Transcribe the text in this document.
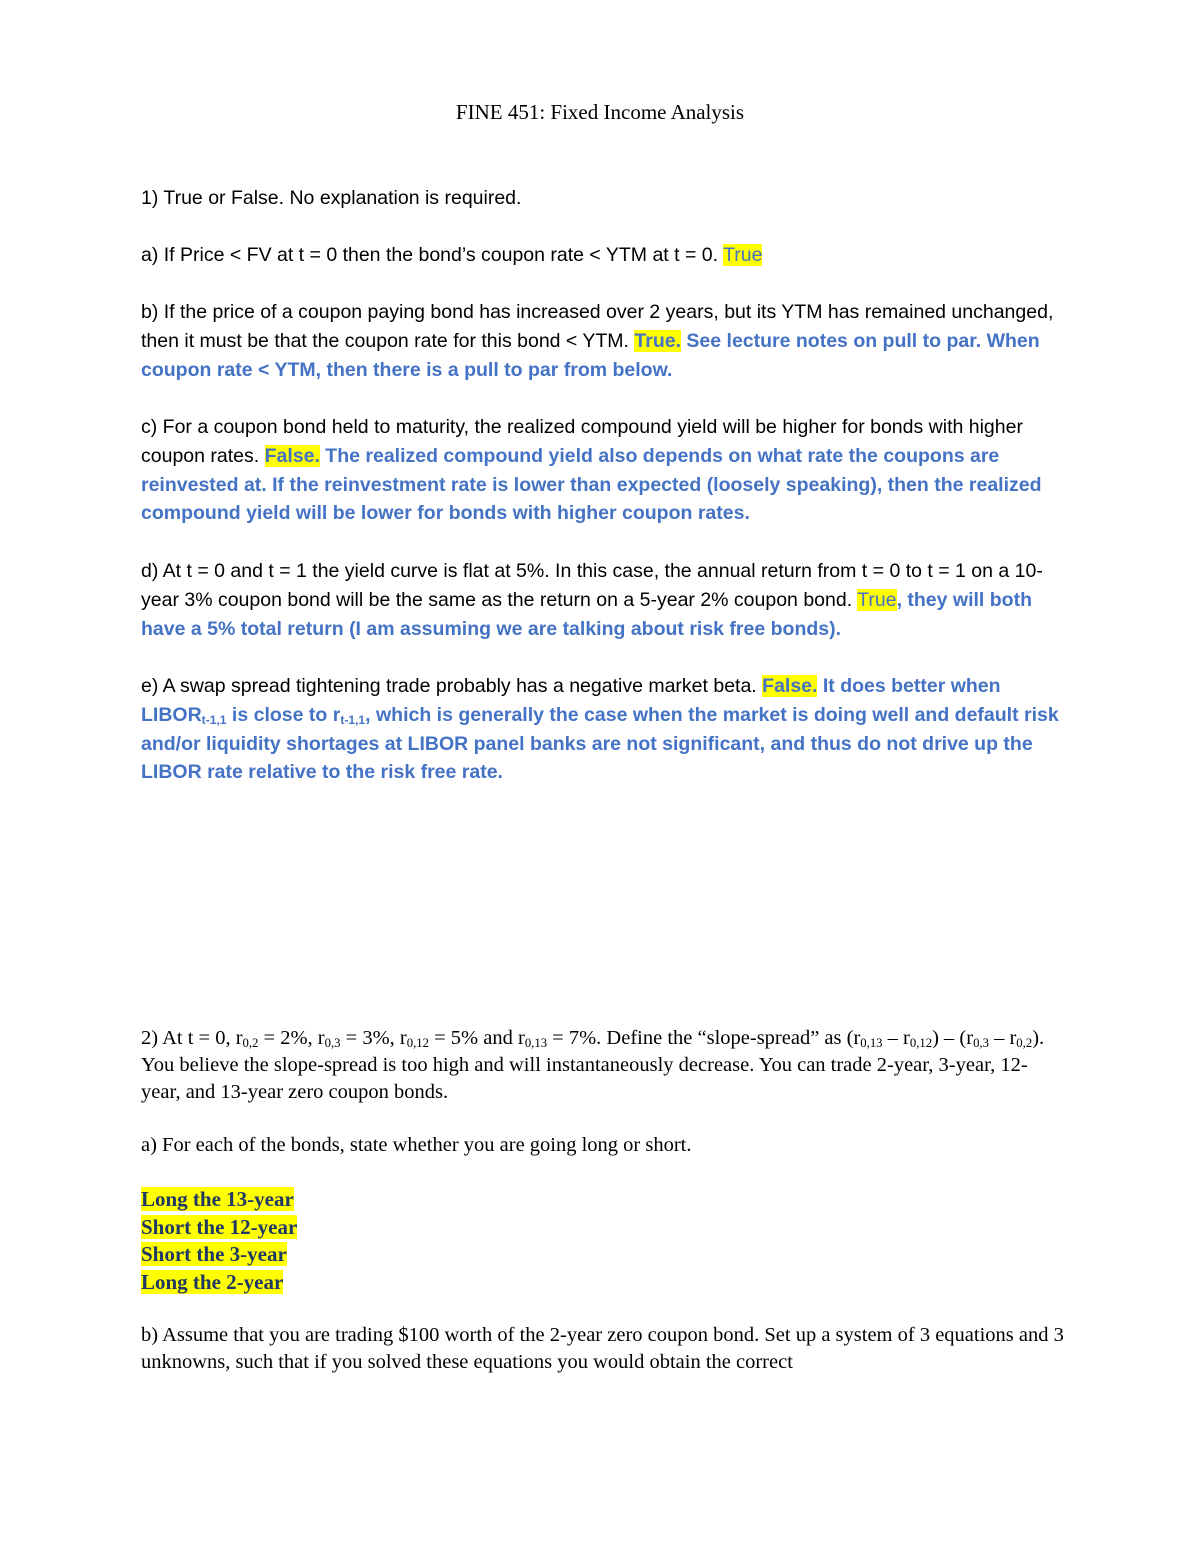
FINE 451: Fixed Income Analysis

1) True or False. No explanation is required.

a) If Price < FV at t = 0 then the bond’s coupon rate < YTM at t = 0. True

b) If the price of a coupon paying bond has increased over 2 years, but its YTM has remained unchanged, then it must be that the coupon rate for this bond < YTM. True. See lecture notes on pull to par. When coupon rate < YTM, then there is a pull to par from below.

c) For a coupon bond held to maturity, the realized compound yield will be higher for bonds with higher coupon rates. False. The realized compound yield also depends on what rate the coupons are reinvested at. If the reinvestment rate is lower than expected (loosely speaking), then the realized compound yield will be lower for bonds with higher coupon rates.

d) At t = 0 and t = 1 the yield curve is flat at 5%. In this case, the annual return from t = 0 to t = 1 on a 10-year 3% coupon bond will be the same as the return on a 5-year 2% coupon bond. True, they will both have a 5% total return (I am assuming we are talking about risk free bonds).

e) A swap spread tightening trade probably has a negative market beta. False. It does better when $LIBOR_{t-1,1}$ is close to $r_{t-1,1}$, which is generally the case when the market is doing well and default risk and/or liquidity shortages at LIBOR panel banks are not significant, and thus do not drive up the LIBOR rate relative to the risk free rate.

2) At t = 0, $r_{0,2} = 2\%$, $r_{0,3} = 3\%$, $r_{0,12} = 5\%$ and $r_{0,13} = 7\%$. Define the “slope-spread” as $(r_{0,13} - r_{0,12}) - (r_{0,3} - r_{0,2})$. You believe the slope-spread is too high and will instantaneously decrease. You can trade 2-year, 3-year, 12-year, and 13-year zero coupon bonds.

a) For each of the bonds, state whether you are going long or short.

Long the 13-year
Short the 12-year
Short the 3-year
Long the 2-year

b) Assume that you are trading $100 worth of the 2-year zero coupon bond. Set up a system of 3 equations and 3 unknowns, such that if you solved these equations you would obtain the correct
